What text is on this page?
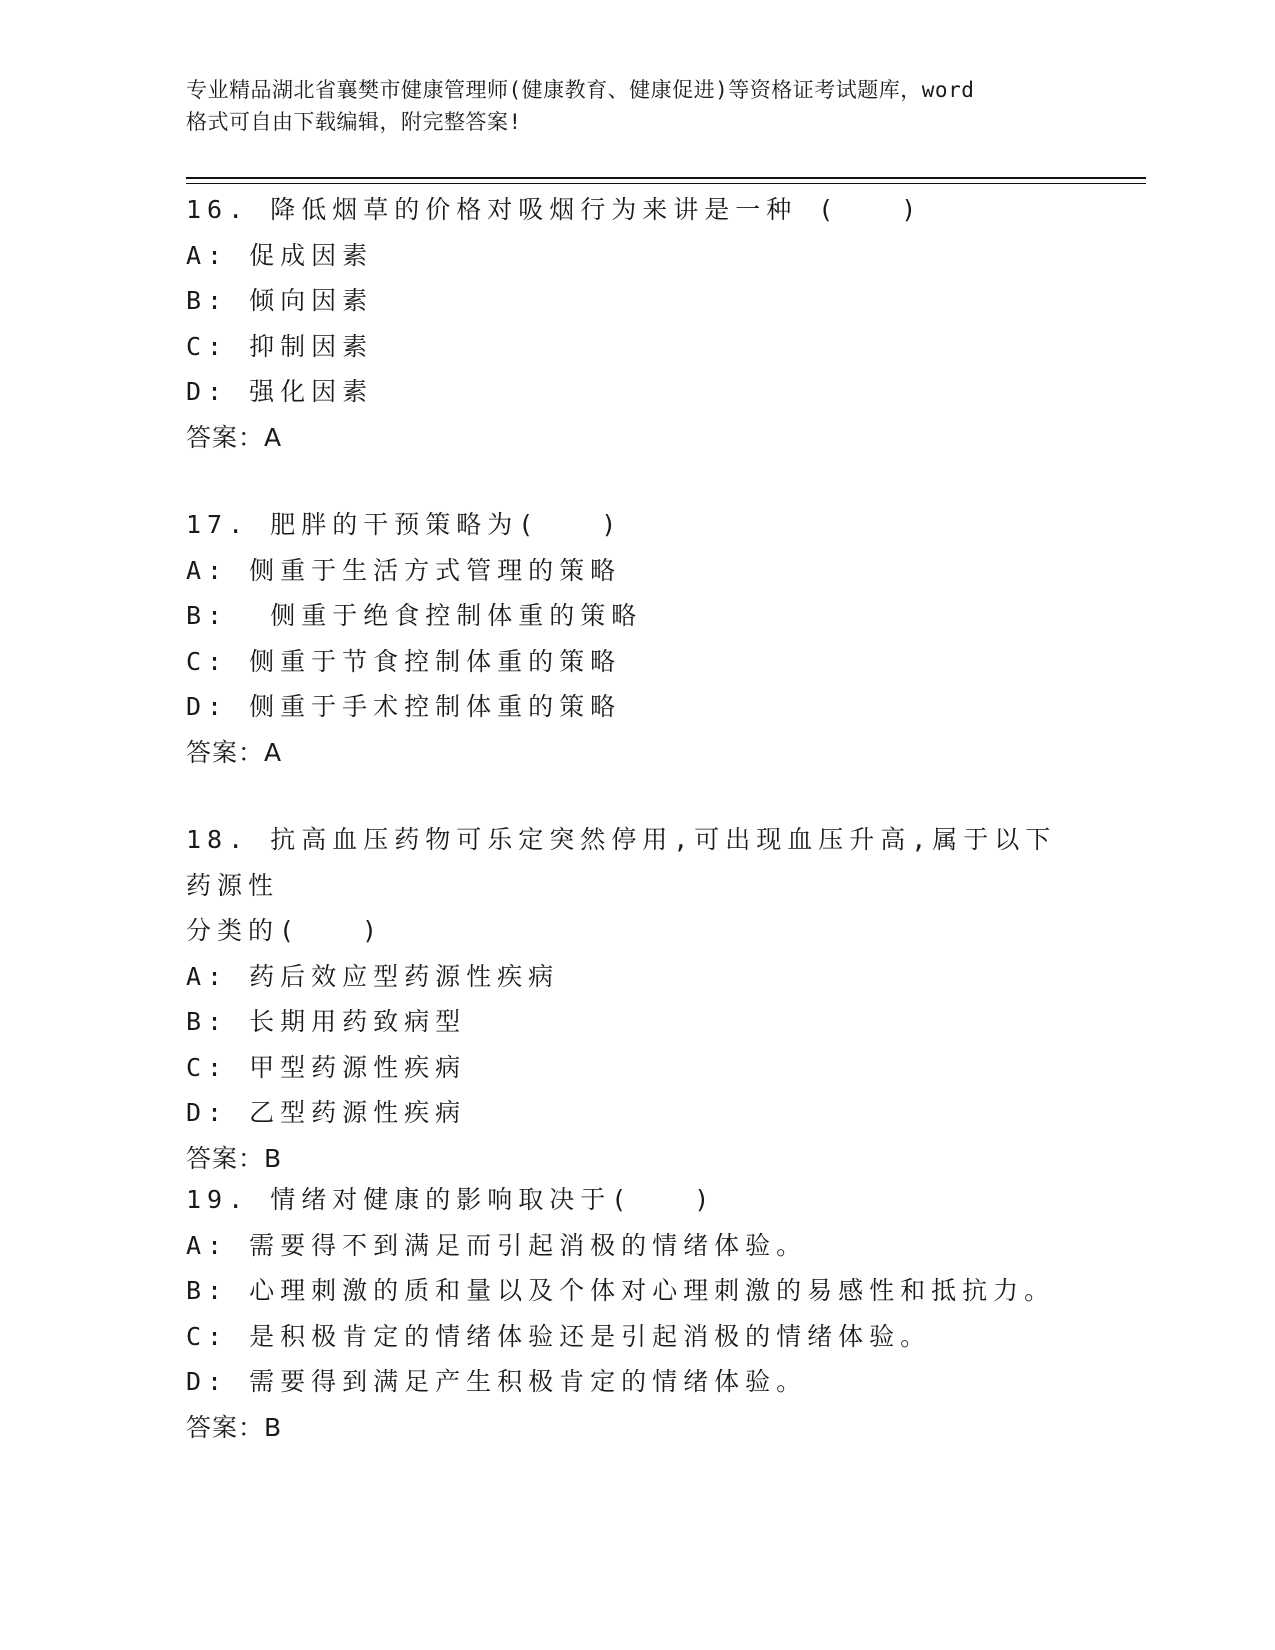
专业精品湖北省襄樊市健康管理师(健康教育、健康促进)等资格证考试题库，word
格式可自由下载编辑，附完整答案!
16. 降低烟草的价格对吸烟行为来讲是一种 (　　)
A: 促成因素
B: 倾向因素
C: 抑制因素
D: 强化因素
答案：A
17. 肥胖的干预策略为(　　)
A: 侧重于生活方式管理的策略
B:  侧重于绝食控制体重的策略
C: 侧重于节食控制体重的策略
D: 侧重于手术控制体重的策略
答案：A
18. 抗高血压药物可乐定突然停用,可出现血压升高,属于以下药源性
分类的(　　)
A: 药后效应型药源性疾病
B: 长期用药致病型
C: 甲型药源性疾病
D: 乙型药源性疾病
答案：B
19. 情绪对健康的影响取决于(　　)
A: 需要得不到满足而引起消极的情绪体验。
B: 心理刺激的质和量以及个体对心理刺激的易感性和抵抗力。
C: 是积极肯定的情绪体验还是引起消极的情绪体验。
D: 需要得到满足产生积极肯定的情绪体验。
答案：B
